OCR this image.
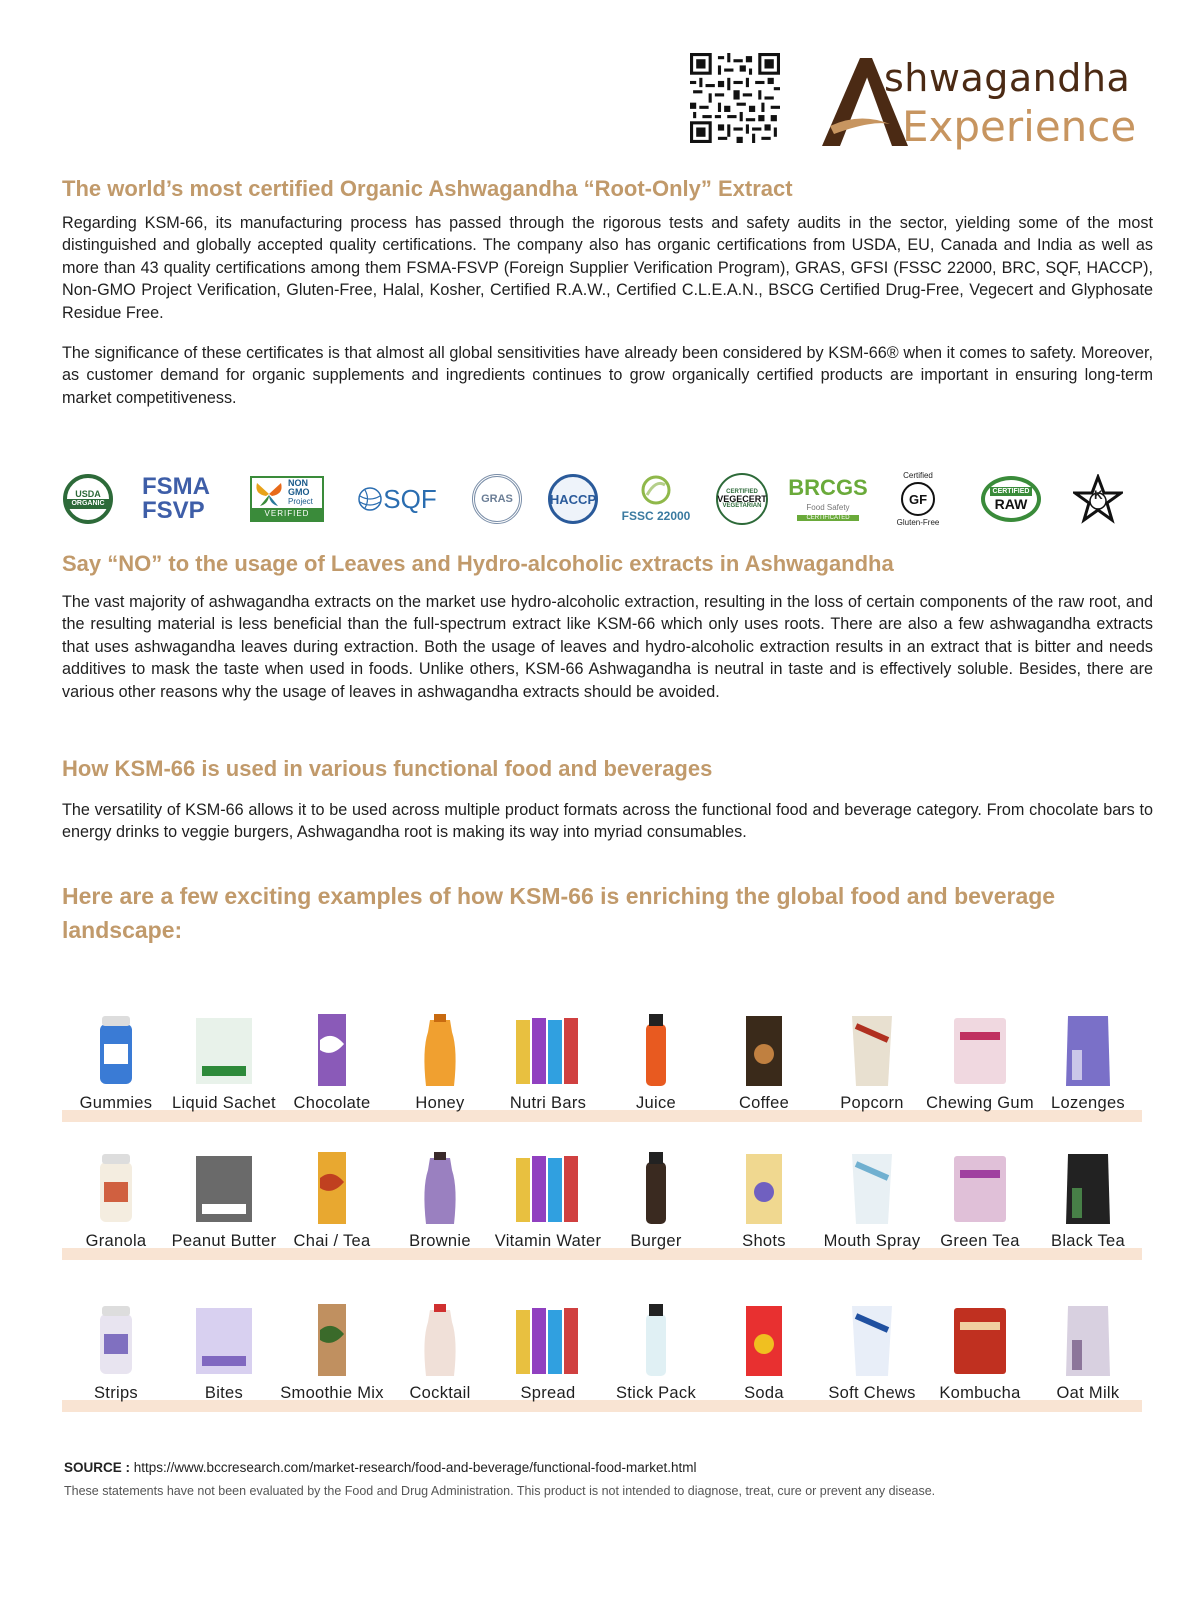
shwagandha
Experience
The world’s most certified Organic Ashwagandha “Root-Only” Extract
Regarding KSM-66, its manufacturing process has passed through the rigorous tests and safety audits in the sector, yielding some of the most distinguished and globally accepted quality certifications. The company also has organic certifications from USDA, EU, Canada and India as well as more than 43 quality certifications among them FSMA-FSVP (Foreign Supplier Verification Program), GRAS, GFSI (FSSC 22000, BRC, SQF, HACCP), Non-GMO Project Verification, Gluten-Free, Halal, Kosher, Certified R.A.W., Certified C.L.E.A.N., BSCG Certified Drug-Free, Vegecert and Glyphosate Residue Free.
The significance of these certificates is that almost all global sensitivities have already been considered by KSM-66® when it comes to safety. Moreover, as customer demand for organic supplements and ingredients continues to grow organically certified products are important in ensuring long-term market competitiveness.
USDA
ORGANIC
FSMA
FSVP
NON
GMO
Project
VERIFIED	SQF	GRAS	HACCP
FSSC 22000
CERTIFIED
VEGECERT
VEGETARIAN
BRCGS
Food Safety
CERTIFICATED
Certified
GF
Gluten-Free
CERTIFIED
RAW
K
Say “NO” to the usage of Leaves and Hydro-alcoholic extracts in Ashwagandha
The vast majority of ashwagandha extracts on the market use hydro-alcoholic extraction, resulting in the loss of certain components of the raw root, and the resulting material is less beneficial than the full-spectrum extract like KSM-66 which only uses roots. There are also a few ashwagandha extracts that uses ashwagandha leaves during extraction. Both the usage of leaves and hydro-alcoholic extraction results in an extract that is bitter and needs additives to mask the taste when used in foods. Unlike others, KSM-66 Ashwagandha is neutral in taste and is effectively soluble. Besides, there are various other reasons why the usage of leaves in ashwagandha extracts should be avoided.
How KSM-66 is used in various functional food and beverages
The versatility of KSM-66 allows it to be used across multiple product formats across the functional food and beverage category. From chocolate bars to energy drinks to veggie burgers, Ashwagandha root is making its way into myriad consumables.
Here are a few exciting examples of how KSM-66 is enriching the global food and beverage
landscape:
Gummies	Liquid Sachet	Chocolate	Honey	Nutri Bars	Juice	Coffee	Popcorn	Chewing Gum	Lozenges
Granola	Peanut Butter	Chai / Tea	Brownie	Vitamin Water	Burger	Shots	Mouth Spray	Green Tea	Black Tea
Strips	Bites	Smoothie Mix	Cocktail	Spread	Stick Pack	Soda	Soft Chews	Kombucha	Oat Milk
SOURCE : https://www.bccresearch.com/market-research/food-and-beverage/functional-food-market.html
These statements have not been evaluated by the Food and Drug Administration. This product is not intended to diagnose, treat, cure or prevent any disease.
